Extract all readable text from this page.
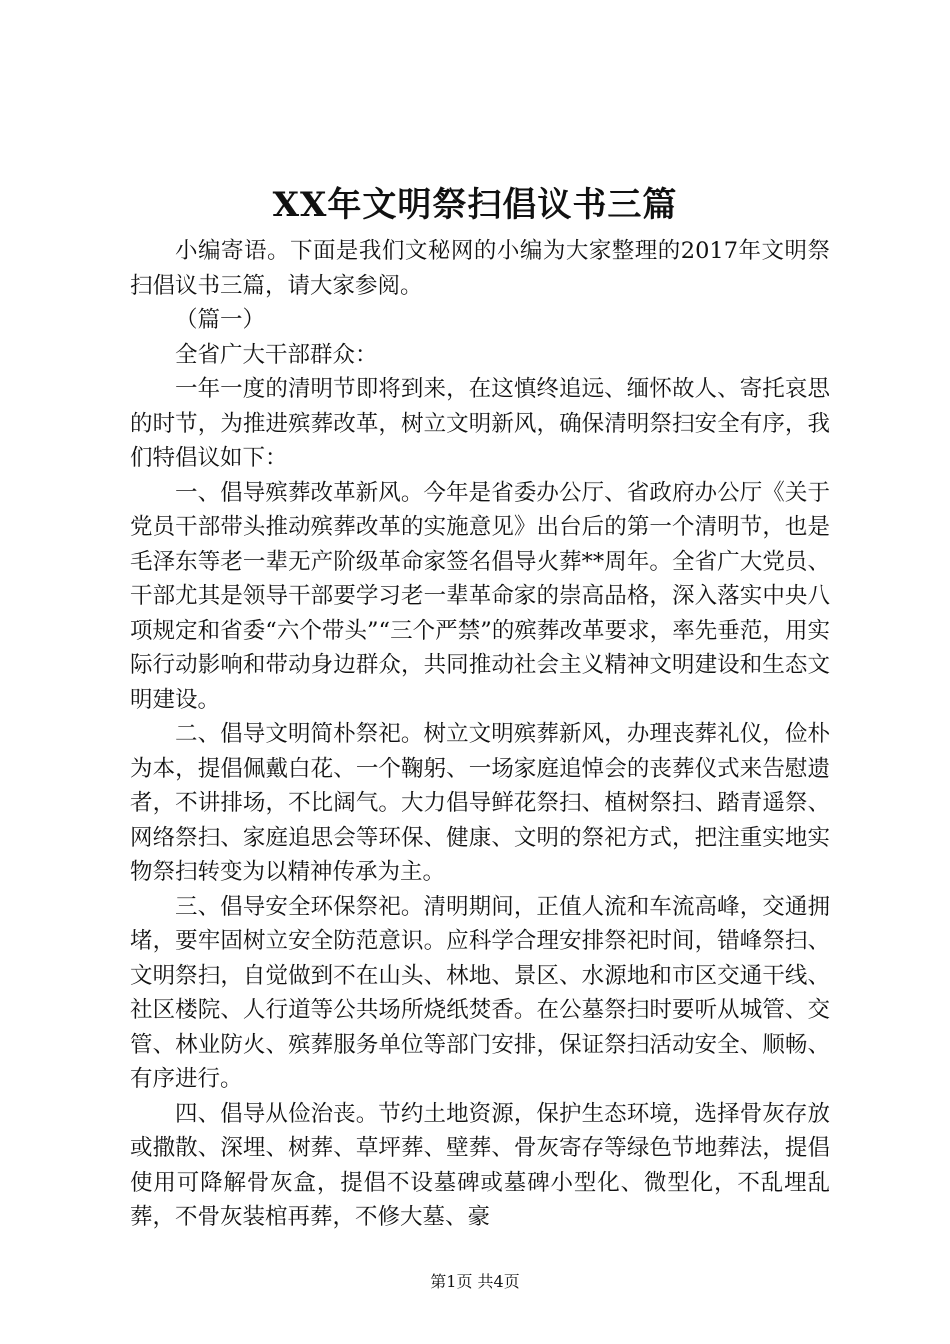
XX年文明祭扫倡议书三篇

小编寄语。下面是我们文秘网的小编为大家整理的2017年文明祭扫倡议书三篇，请大家参阅。

（篇一）

全省广大干部群众：

一年一度的清明节即将到来，在这慎终追远、缅怀故人、寄托哀思的时节，为推进殡葬改革，树立文明新风，确保清明祭扫安全有序，我们特倡议如下：

一、倡导殡葬改革新风。今年是省委办公厅、省政府办公厅《关于党员干部带头推动殡葬改革的实施意见》出台后的第一个清明节，也是毛泽东等老一辈无产阶级革命家签名倡导火葬**周年。全省广大党员、干部尤其是领导干部要学习老一辈革命家的崇高品格，深入落实中央八项规定和省委“六个带头”“三个严禁”的殡葬改革要求，率先垂范，用实际行动影响和带动身边群众，共同推动社会主义精神文明建设和生态文明建设。

二、倡导文明简朴祭祀。树立文明殡葬新风，办理丧葬礼仪，俭朴为本，提倡佩戴白花、一个鞠躬、一场家庭追悼会的丧葬仪式来告慰遗者，不讲排场，不比阔气。大力倡导鲜花祭扫、植树祭扫、踏青遥祭、网络祭扫、家庭追思会等环保、健康、文明的祭祀方式，把注重实地实物祭扫转变为以精神传承为主。

三、倡导安全环保祭祀。清明期间，正值人流和车流高峰，交通拥堵，要牢固树立安全防范意识。应科学合理安排祭祀时间，错峰祭扫、文明祭扫，自觉做到不在山头、林地、景区、水源地和市区交通干线、社区楼院、人行道等公共场所烧纸焚香。在公墓祭扫时要听从城管、交管、林业防火、殡葬服务单位等部门安排，保证祭扫活动安全、顺畅、有序进行。

四、倡导从俭治丧。节约土地资源，保护生态环境，选择骨灰存放或撒散、深埋、树葬、草坪葬、壁葬、骨灰寄存等绿色节地葬法，提倡使用可降解骨灰盒，提倡不设墓碑或墓碑小型化、微型化，不乱埋乱葬，不骨灰装棺再葬，不修大墓、豪

第1页 共4页
